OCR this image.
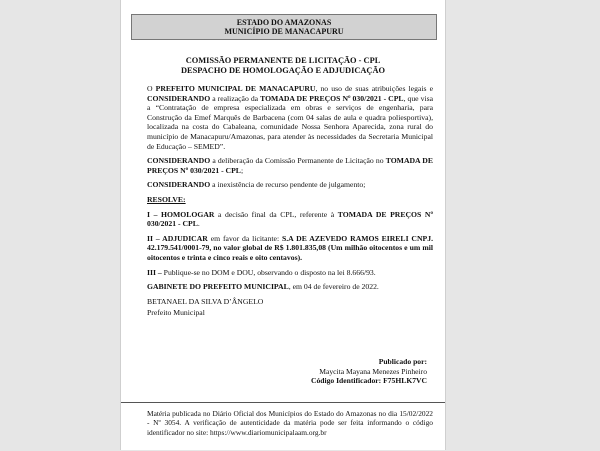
ESTADO DO AMAZONAS
MUNICÍPIO DE MANACAPURU
COMISSÃO PERMANENTE DE LICITAÇÃO - CPL
DESPACHO DE HOMOLOGAÇÃO E ADJUDICAÇÃO

O PREFEITO MUNICIPAL DE MANACAPURU, no uso de suas atribuições legais e CONSIDERANDO a realização da TOMADA DE PREÇOS Nº 030/2021 - CPL, que visa a “Contratação de empresa especializada em obras e serviços de engenharia, para Construção da Emef Marquês de Barbacena (com 04 salas de aula e quadra poliesportiva), localizada na costa do Cabaleana, comunidade Nossa Senhora Aparecida, zona rural do município de Manacapuru/Amazonas, para atender às necessidades da Secretaria Municipal de Educação – SEMED”.

CONSIDERANDO a deliberação da Comissão Permanente de Licitação no TOMADA DE PREÇOS Nº 030/2021 - CPL;

CONSIDERANDO a inexistência de recurso pendente de julgamento;

RESOLVE:

I – HOMOLOGAR a decisão final da CPL, referente à TOMADA DE PREÇOS Nº 030/2021 - CPL.

II – ADJUDICAR em favor da licitante: S.A DE AZEVEDO RAMOS EIRELI CNPJ. 42.179.541/0001-79, no valor global de R$ 1.801.835,08 (Um milhão oitocentos e um mil oitocentos e trinta e cinco reais e oito centavos).

III – Publique-se no DOM e DOU, observando o disposto na lei 8.666/93.

GABINETE DO PREFEITO MUNICIPAL, em 04 de fevereiro de 2022.

BETANAEL DA SILVA D’ÂNGELO

Prefeito Municipal

Publicado por:
Maycita Mayana Menezes Pinheiro
Código Identificador: F75HLK7VC
Matéria publicada no Diário Oficial dos Municípios do Estado do Amazonas no dia 15/02/2022 - Nº 3054. A verificação de autenticidade da matéria pode ser feita informando o código identificador no site: https://www.diariomunicipalaam.org.br
